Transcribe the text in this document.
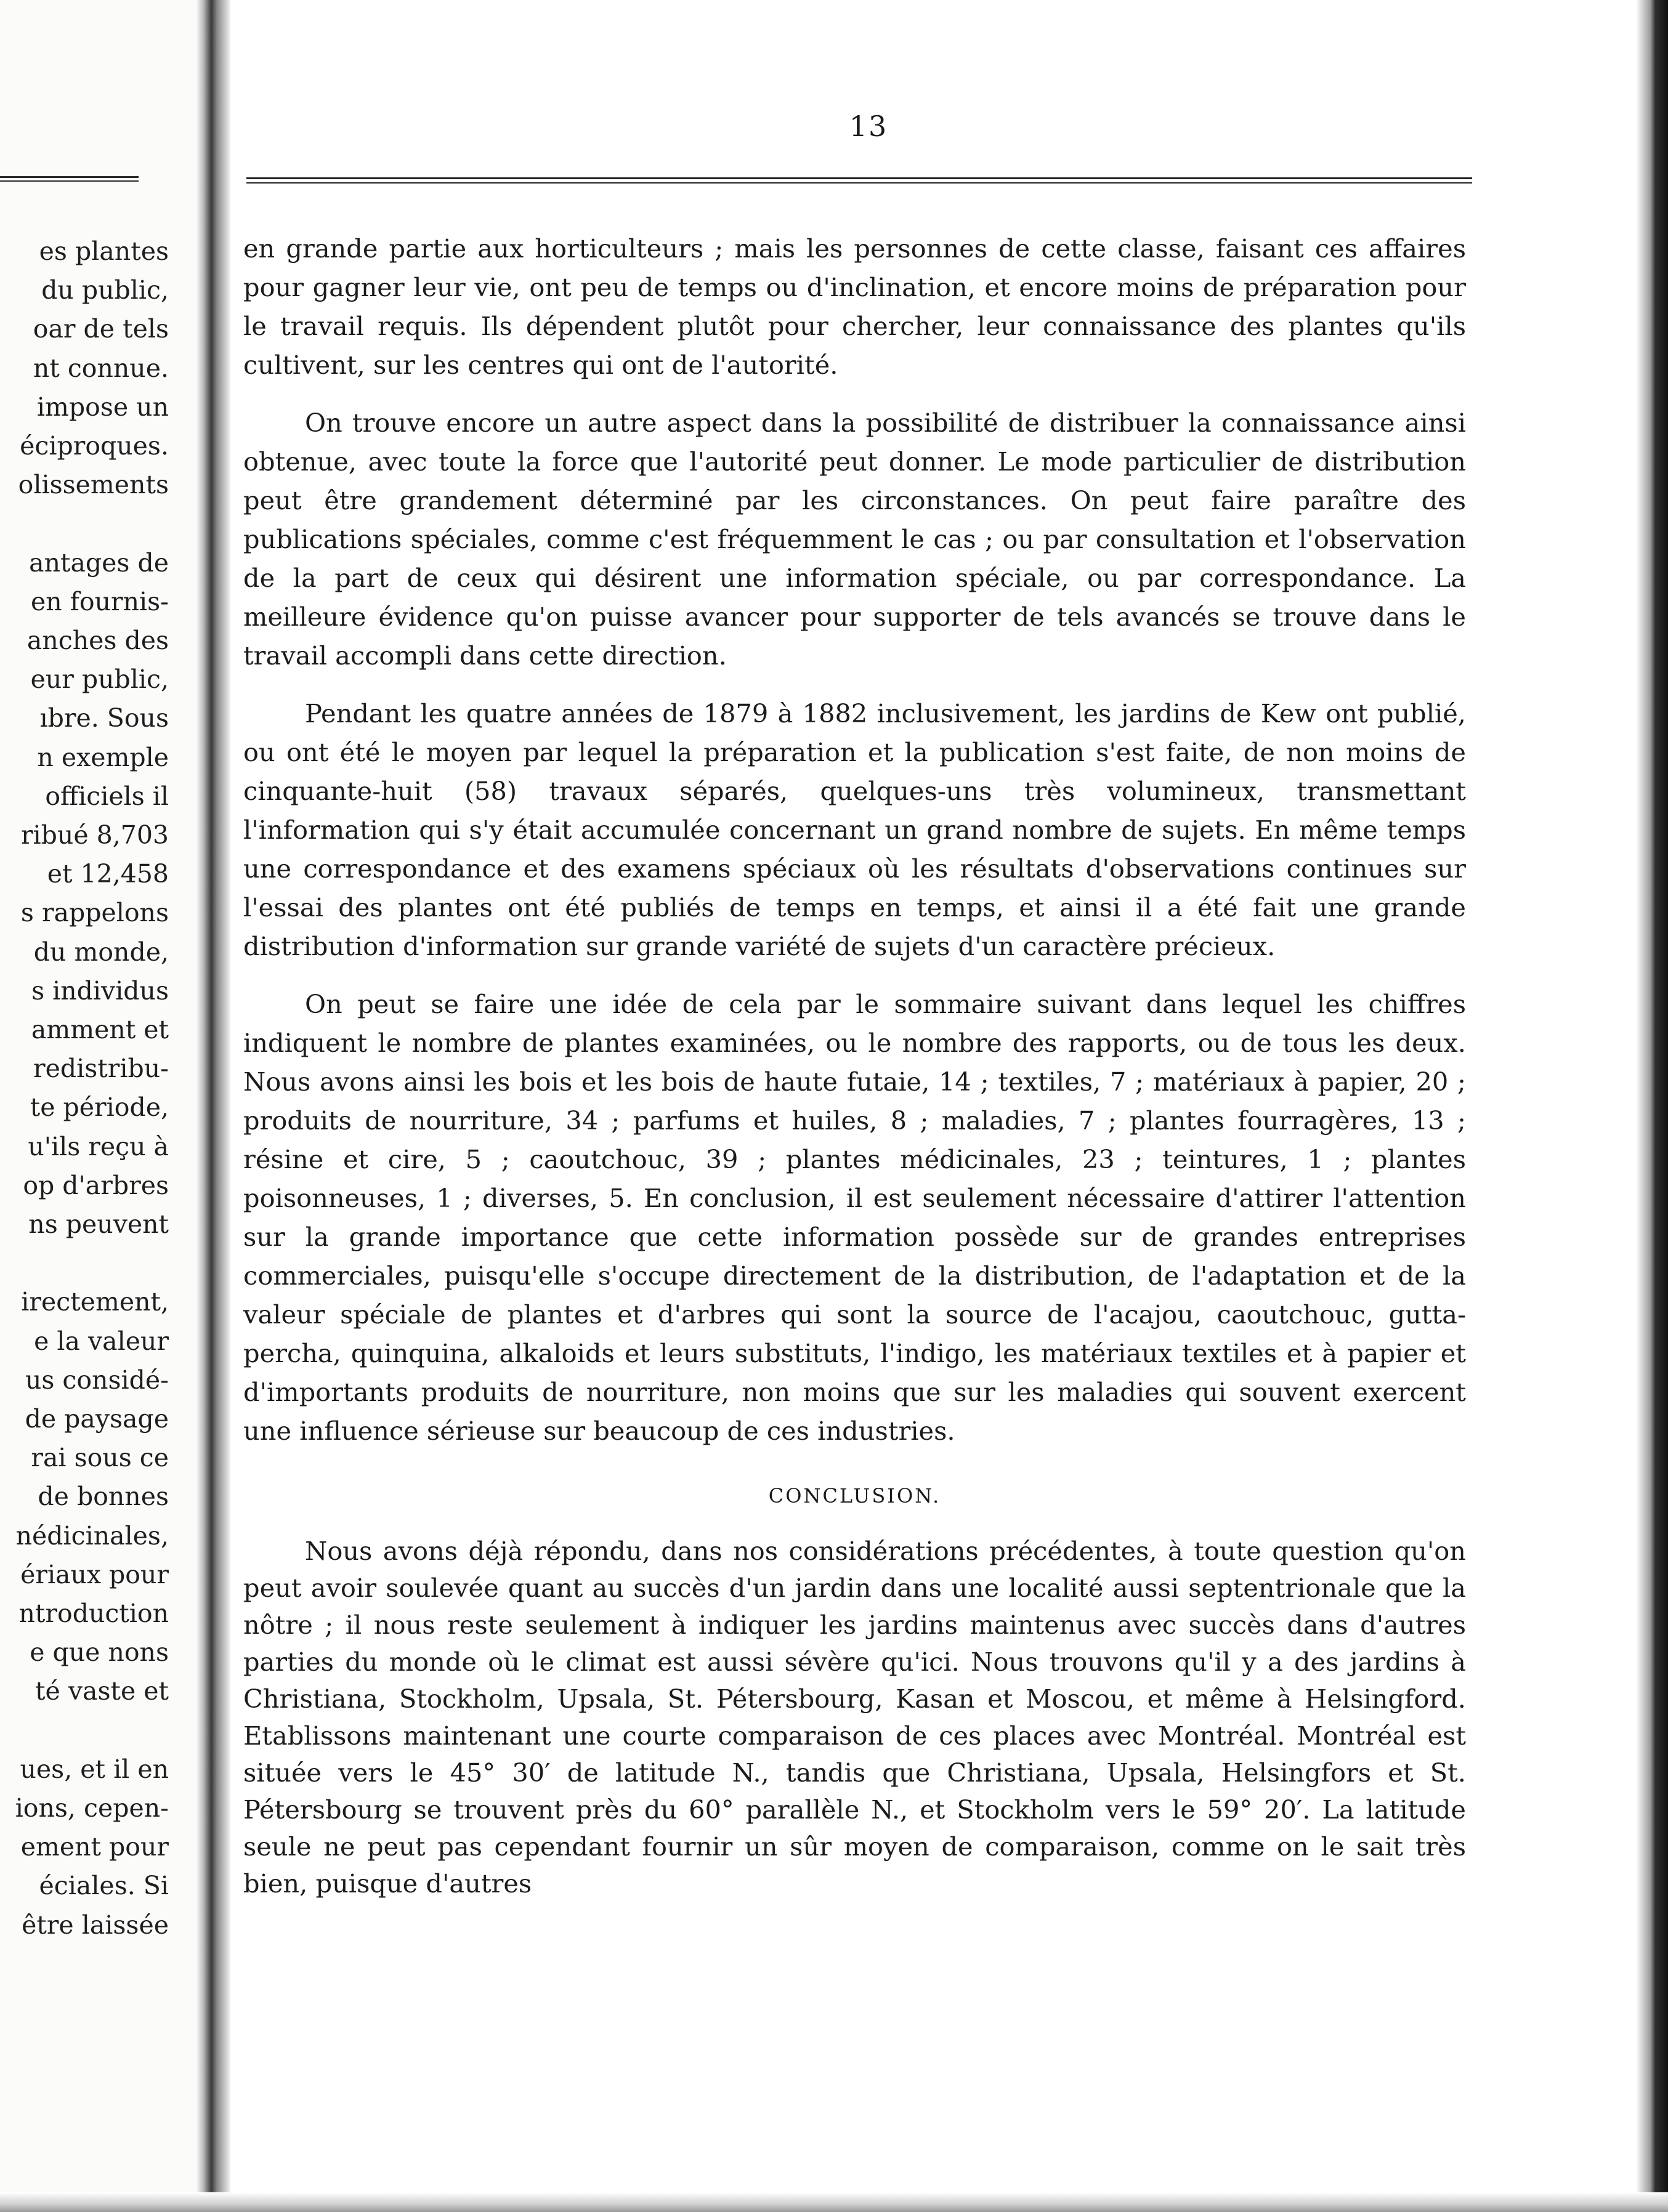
es plantes
du public,
oar de tels
nt connue.
impose un
éciproques.
olissements
antages de
en fournis-
anches des
eur public,
ıbre. Sous
n exemple
officiels il
ribué 8,703
et 12,458
s rappelons
du monde,
s individus
amment et
redistribu-
te période,
u'ils reçu à
op d'arbres
ns peuvent
irectement,
e la valeur
us considé-
de paysage
rai sous ce
de bonnes
nédicinales,
ériaux pour
ntroduction
e que nons
té vaste et
ues, et il en
ions, cepen-
ement pour
éciales. Si
être laissée
13

en grande partie aux horticulteurs ; mais les personnes de cette classe, faisant ces affaires pour gagner leur vie, ont peu de temps ou d'inclination, et encore moins de préparation pour le travail requis. Ils dépendent plutôt pour chercher, leur connaissance des plantes qu'ils cultivent, sur les centres qui ont de l'autorité.

On trouve encore un autre aspect dans la possibilité de distribuer la connaissance ainsi obtenue, avec toute la force que l'autorité peut donner. Le mode particulier de distribution peut être grandement déterminé par les circonstances. On peut faire paraître des publications spéciales, comme c'est fréquemment le cas ; ou par consultation et l'observation de la part de ceux qui désirent une information spéciale, ou par correspondance. La meilleure évidence qu'on puisse avancer pour supporter de tels avancés se trouve dans le travail accompli dans cette direction.

Pendant les quatre années de 1879 à 1882 inclusivement, les jardins de Kew ont publié, ou ont été le moyen par lequel la préparation et la publication s'est faite, de non moins de cinquante-huit (58) travaux séparés, quelques-uns très volumineux, transmettant l'information qui s'y était accumulée concernant un grand nombre de sujets. En même temps une correspondance et des examens spéciaux où les résultats d'observations continues sur l'essai des plantes ont été publiés de temps en temps, et ainsi il a été fait une grande distribution d'information sur grande variété de sujets d'un caractère précieux.

On peut se faire une idée de cela par le sommaire suivant dans lequel les chiffres indiquent le nombre de plantes examinées, ou le nombre des rapports, ou de tous les deux. Nous avons ainsi les bois et les bois de haute futaie, 14 ; textiles, 7 ; matériaux à papier, 20 ; produits de nourriture, 34 ; parfums et huiles, 8 ; maladies, 7 ; plantes fourragères, 13 ; résine et cire, 5 ; caoutchouc, 39 ; plantes médicinales, 23 ; teintures, 1 ; plantes poisonneuses, 1 ; diverses, 5. En conclusion, il est seulement nécessaire d'attirer l'attention sur la grande importance que cette information possède sur de grandes entreprises commerciales, puisqu'elle s'occupe directement de la distribution, de l'adaptation et de la valeur spéciale de plantes et d'arbres qui sont la source de l'acajou, caoutchouc, gutta-percha, quinquina, alkaloids et leurs substituts, l'indigo, les matériaux textiles et à papier et d'importants produits de nourriture, non moins que sur les maladies qui souvent exercent une influence sérieuse sur beaucoup de ces industries.

CONCLUSION.

Nous avons déjà répondu, dans nos considérations précédentes, à toute question qu'on peut avoir soulevée quant au succès d'un jardin dans une localité aussi septentrionale que la nôtre ; il nous reste seulement à indiquer les jardins maintenus avec succès dans d'autres parties du monde où le climat est aussi sévère qu'ici. Nous trouvons qu'il y a des jardins à Christiana, Stockholm, Upsala, St. Pétersbourg, Kasan et Moscou, et même à Helsingford. Etablissons maintenant une courte comparaison de ces places avec Montréal. Montréal est située vers le 45° 30′ de latitude N., tandis que Christiana, Upsala, Helsingfors et St. Pétersbourg se trouvent près du 60° parallèle N., et Stockholm vers le 59° 20′. La latitude seule ne peut pas cependant fournir un sûr moyen de comparaison, comme on le sait très bien, puisque d'autres
